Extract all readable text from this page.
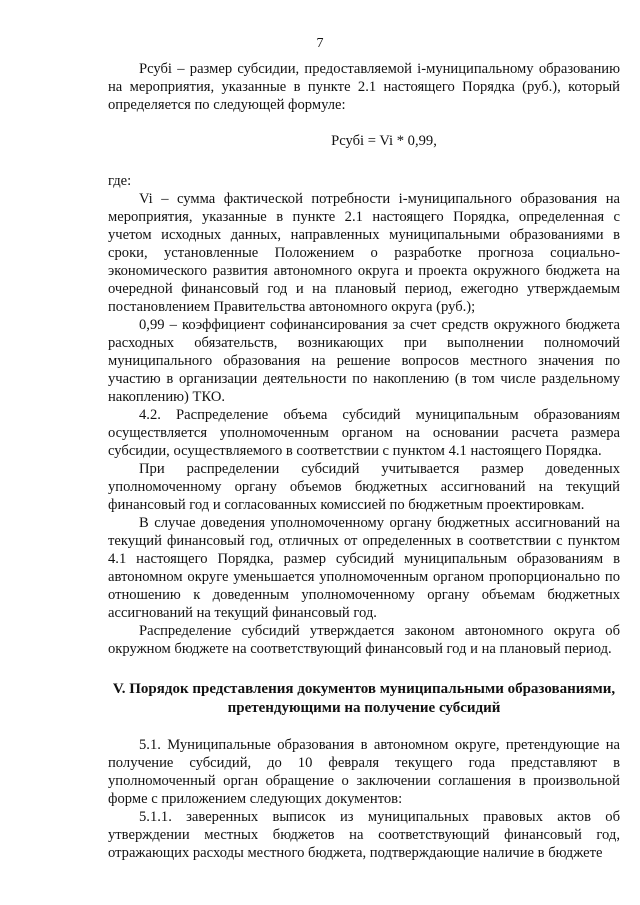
7

Рсубi – размер субсидии, предоставляемой i-муниципальному образованию на мероприятия, указанные в пункте 2.1 настоящего Порядка (руб.), который определяется по следующей формуле:

Рсубi = Vi * 0,99,

где:

Vi – сумма фактической потребности i-муниципального образования на мероприятия, указанные в пункте 2.1 настоящего Порядка, определенная с учетом исходных данных, направленных муниципальными образованиями в сроки, установленные Положением о разработке прогноза социально-экономического развития автономного округа и проекта окружного бюджета на очередной финансовый год и на плановый период, ежегодно утверждаемым постановлением Правительства автономного округа (руб.);

0,99 – коэффициент софинансирования за счет средств окружного бюджета расходных обязательств, возникающих при выполнении полномочий муниципального образования на решение вопросов местного значения по участию в организации деятельности по накоплению (в том числе раздельному накоплению) ТКО.

4.2. Распределение объема субсидий муниципальным образованиям осуществляется уполномоченным органом на основании расчета размера субсидии, осуществляемого в соответствии с пунктом 4.1 настоящего Порядка.

При распределении субсидий учитывается размер доведенных уполномоченному органу объемов бюджетных ассигнований на текущий финансовый год и согласованных комиссией по бюджетным проектировкам.

В случае доведения уполномоченному органу бюджетных ассигнований на текущий финансовый год, отличных от определенных в соответствии с пунктом 4.1 настоящего Порядка, размер субсидий муниципальным образованиям в автономном округе уменьшается уполномоченным органом пропорционально по отношению к доведенным уполномоченному органу объемам бюджетных ассигнований на текущий финансовый год.

Распределение субсидий утверждается законом автономного округа об окружном бюджете на соответствующий финансовый год и на плановый период.

V. Порядок представления документов муниципальными образованиями, претендующими на получение субсидий

5.1. Муниципальные образования в автономном округе, претендующие на получение субсидий, до 10 февраля текущего года представляют в уполномоченный орган обращение о заключении соглашения в произвольной форме с приложением следующих документов:

5.1.1. заверенных выписок из муниципальных правовых актов об утверждении местных бюджетов на соответствующий финансовый год, отражающих расходы местного бюджета, подтверждающие наличие в бюджете
